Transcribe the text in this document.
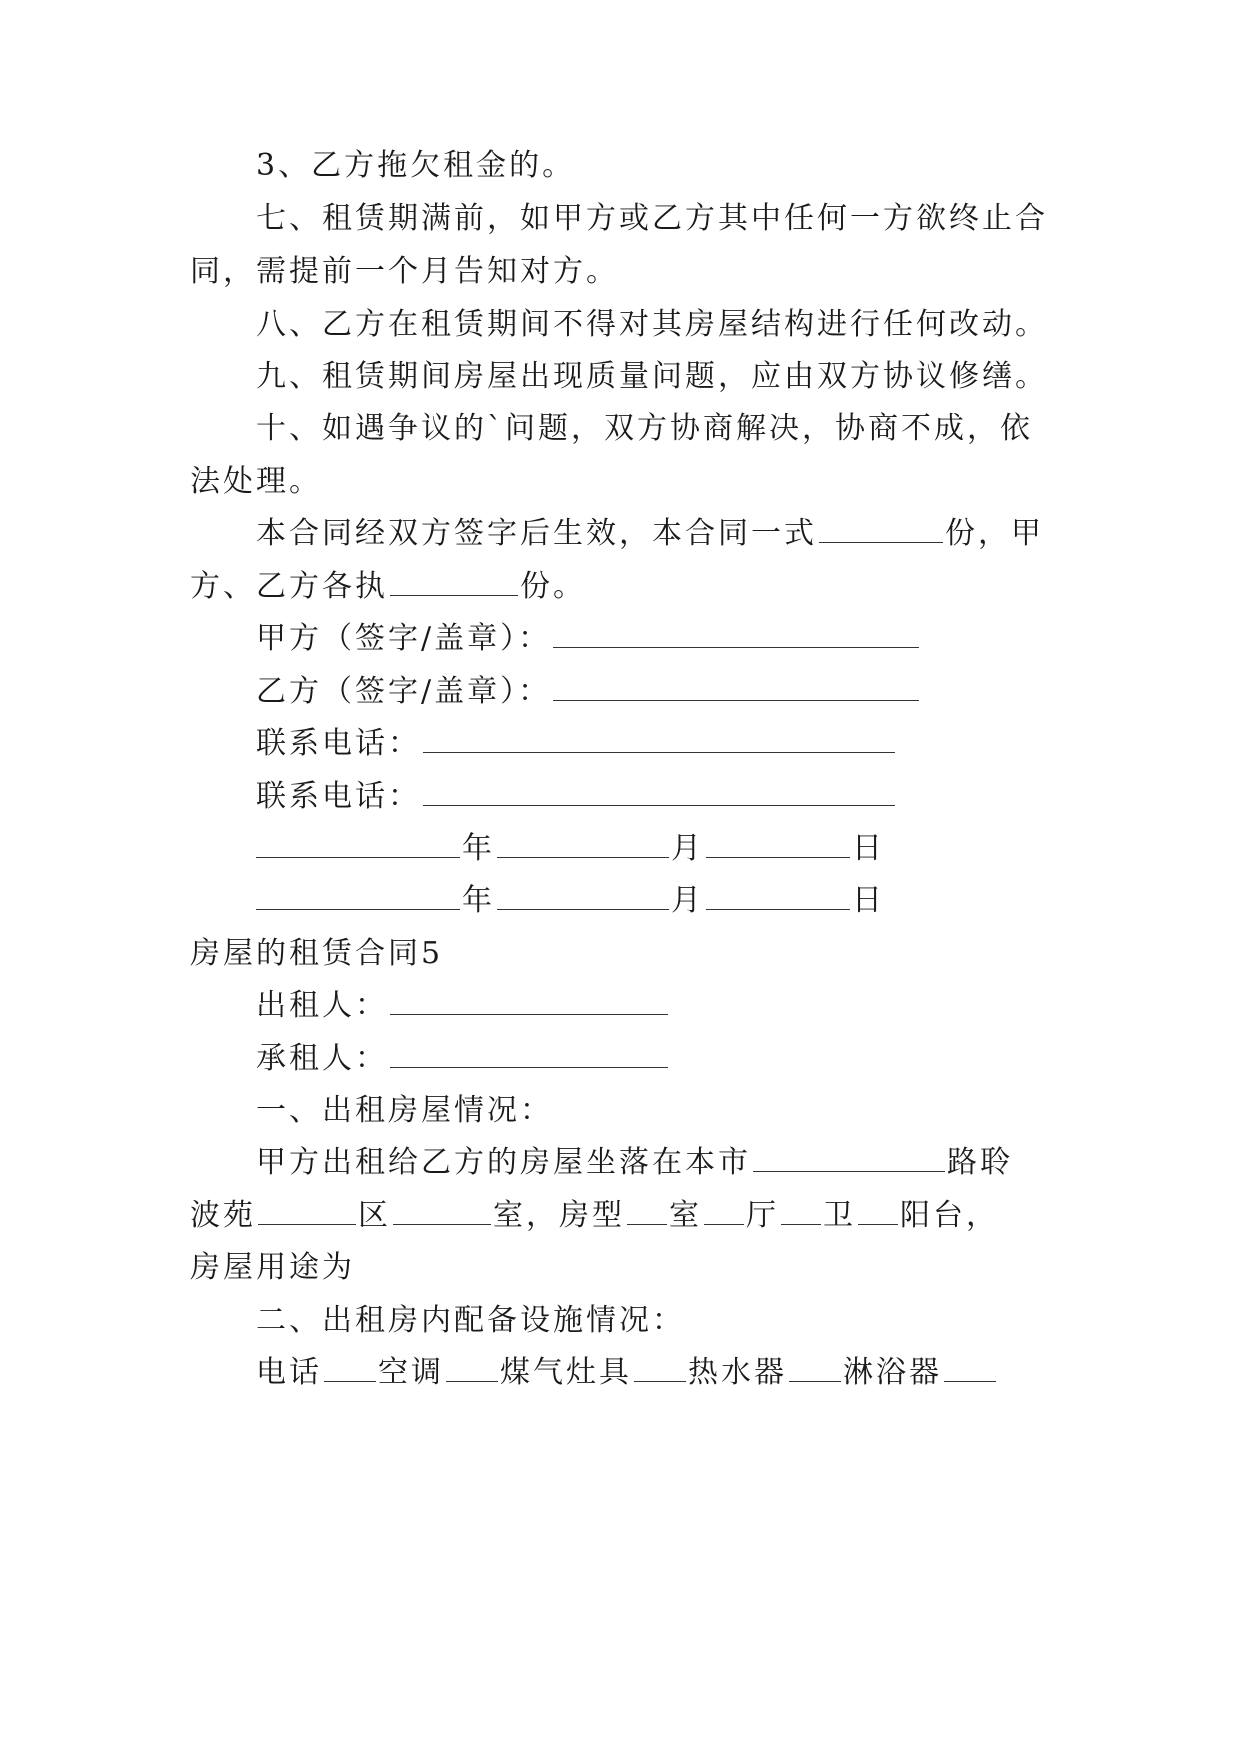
3、乙方拖欠租金的。
七、租赁期满前，如甲方或乙方其中任何一方欲终止合
同，需提前一个月告知对方。
八、乙方在租赁期间不得对其房屋结构进行任何改动。
九、租赁期间房屋出现质量问题，应由双方协议修缮。
十、如遇争议的`问题，双方协商解决，协商不成，依
法处理。
本合同经双方签字后生效，本合同一式	份，甲
方、乙方各执	份。
甲方（签字/盖章）：
乙方（签字/盖章）：
联系电话：
联系电话：
年	月	日
年	月	日
房屋的租赁合同5
出租人：
承租人：
一、出租房屋情况：
甲方出租给乙方的房屋坐落在本市	路聆
波苑	区	室，房型 室 厅 卫 阳台，
房屋用途为
二、出租房内配备设施情况：
电话 空调 煤气灶具 热水器 淋浴器
